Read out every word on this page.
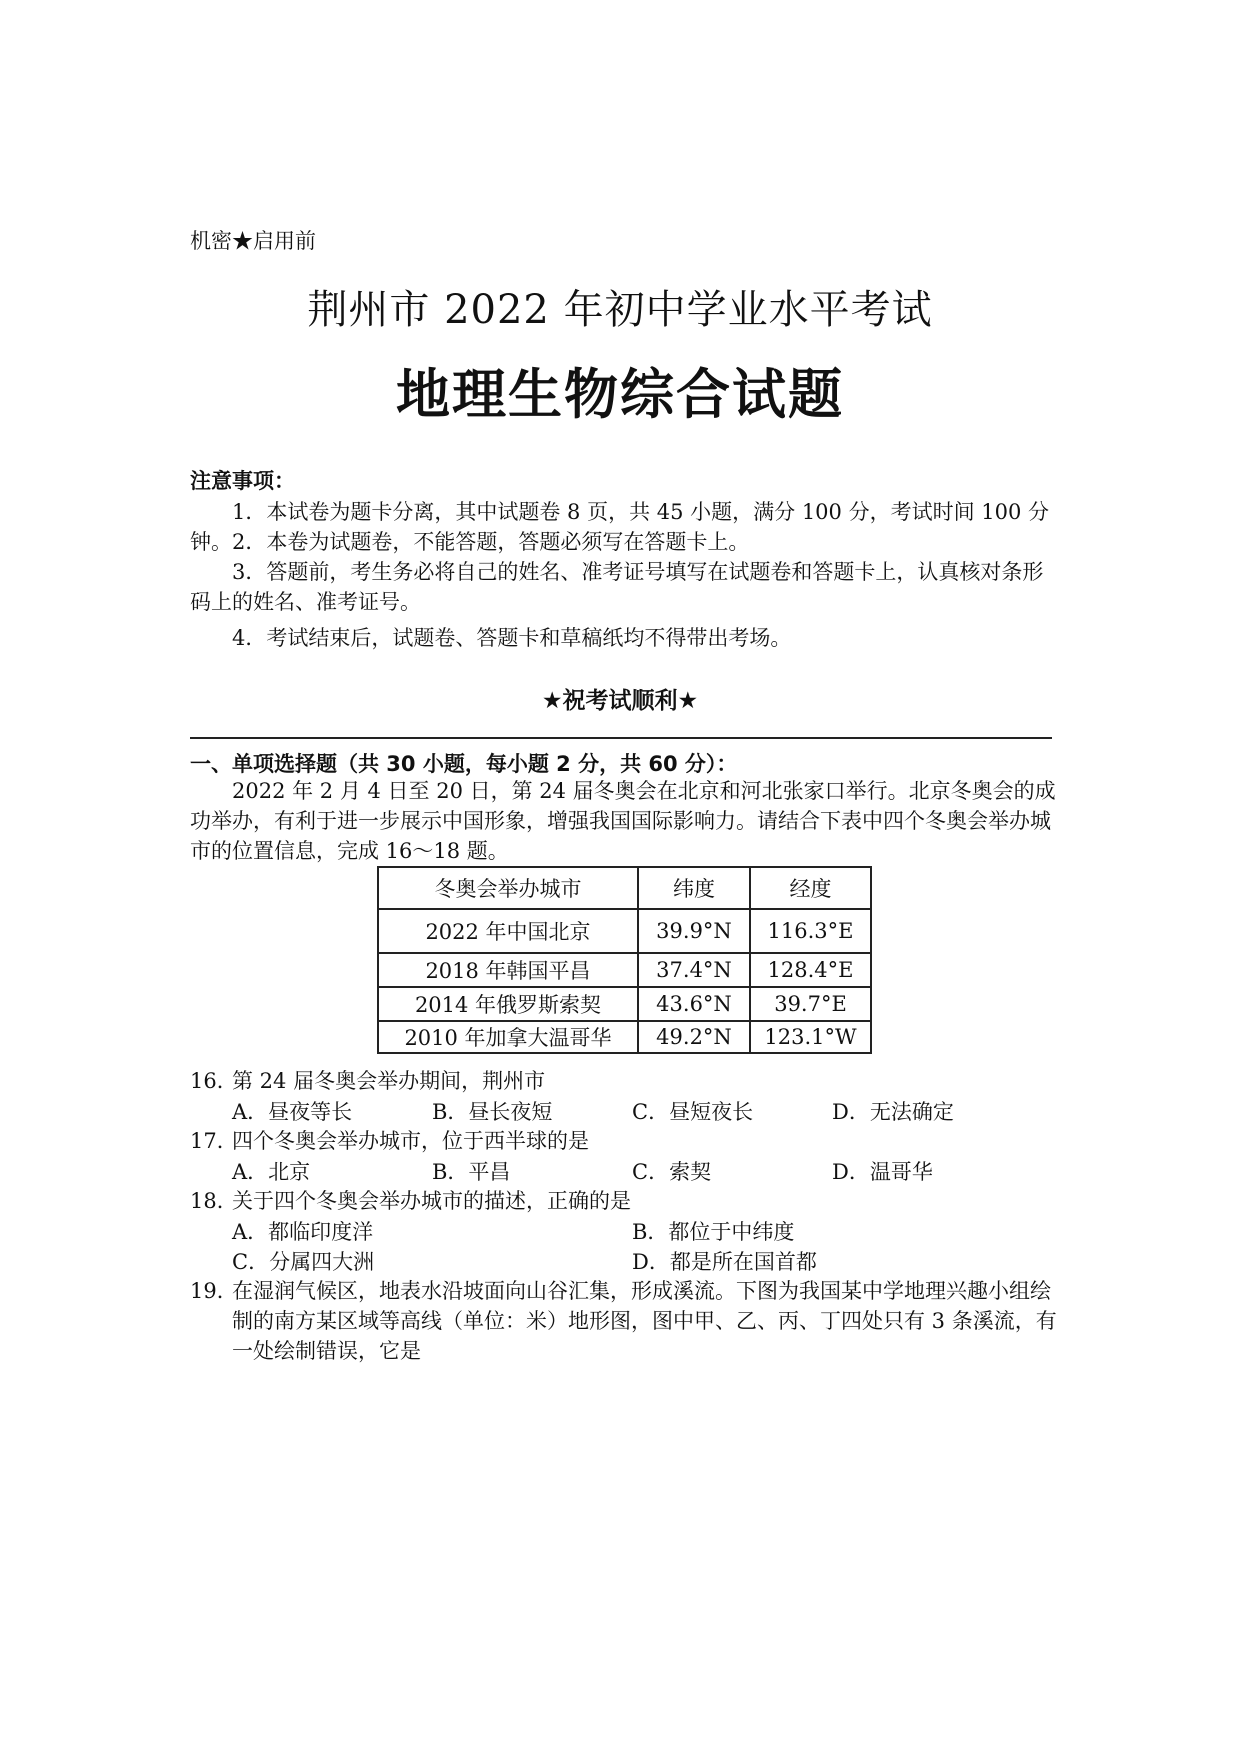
机密★启用前
荆州市 2022 年初中学业水平考试
地理生物综合试题
注意事项：
1．本试卷为题卡分离，其中试题卷 8 页，共 45 小题，满分 100 分，考试时间 100 分钟。 2．本卷为试题卷，不能答题，答题必须写在答题卡上。
3．答题前，考生务必将自己的姓名、准考证号填写在试题卷和答题卡上，认真核对条形码上的姓名、准考证号。
4．考试结束后，试题卷、答题卡和草稿纸均不得带出考场。
★祝考试顺利★
一、单项选择题（共 30 小题，每小题 2 分，共 60 分）：
2022 年 2 月 4 日至 20 日，第 24 届冬奥会在北京和河北张家口举行。北京冬奥会的成功举办，有利于进一步展示中国形象，增强我国国际影响力。请结合下表中四个冬奥会举办城市的位置信息，完成 16～18 题。
冬奥会举办城市	纬度	经度
2022 年中国北京	39.9°N	116.3°E
2018 年韩国平昌	37.4°N	128.4°E
2014 年俄罗斯索契	43.6°N	39.7°E
2010 年加拿大温哥华	49.2°N	123.1°W
16．第 24 届冬奥会举办期间，荆州市
A．昼夜等长	B．昼长夜短	C．昼短夜长	D．无法确定
17．四个冬奥会举办城市，位于西半球的是
A．北京	B．平昌	C．索契	D．温哥华
18．关于四个冬奥会举办城市的描述，正确的是
A．都临印度洋	B．都位于中纬度
C．分属四大洲	D．都是所在国首都
19．
在湿润气候区，地表水沿坡面向山谷汇集，形成溪流。下图为我国某中学地理兴趣小组绘制的南方某区域等高线（单位：米）地形图，图中甲、乙、丙、丁四处只有 3 条溪流，有一处绘制错误，它是
